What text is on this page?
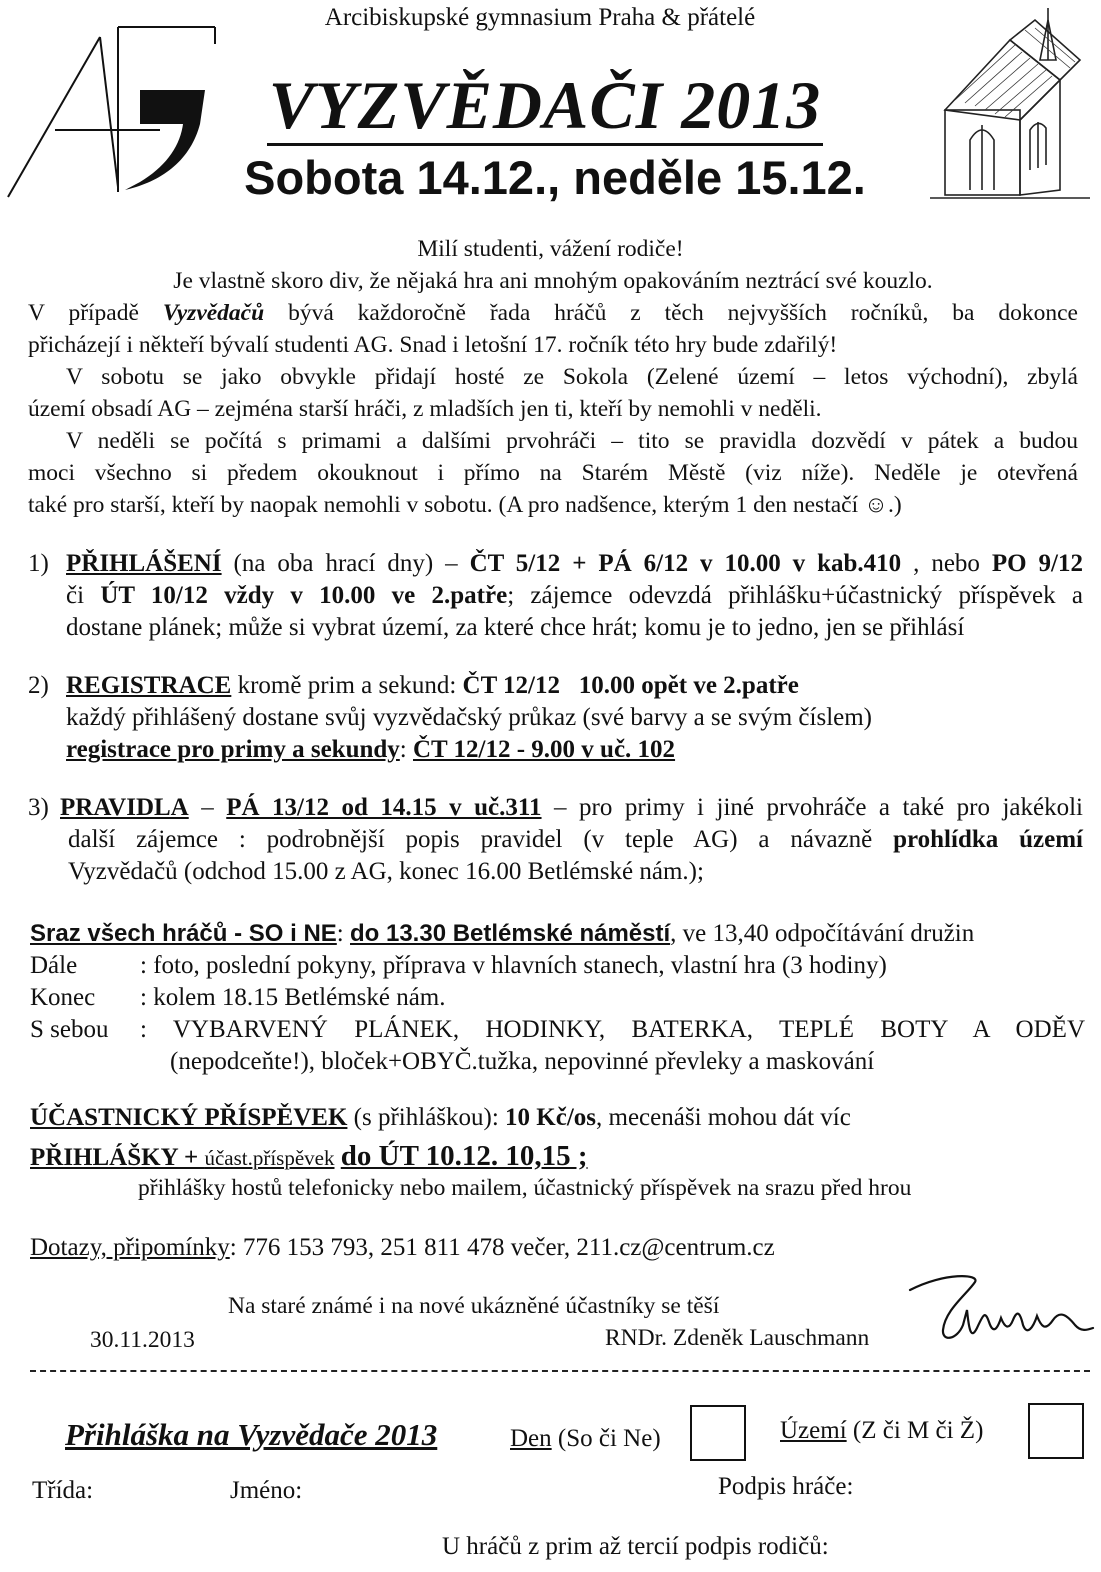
Arcibiskupské gymnasium Praha & přátelé
VYZVĚDAČI 2013
Sobota 14.12., neděle 15.12.
Milí studenti, vážení rodiče!
Je vlastně skoro div, že nějaká hra ani mnohým opakováním neztrácí své kouzlo.
V případě Vyzvědačů bývá každoročně řada hráčů z těch nejvyšších ročníků, ba dokonce
přicházejí i někteří bývalí studenti AG. Snad i letošní 17. ročník této hry bude zdařilý!
V sobotu se jako obvykle přidají hosté ze Sokola (Zelené území – letos východní), zbylá
území obsadí AG – zejména starší hráči, z mladších jen ti, kteří by nemohli v neděli.
V neděli se počítá s primami a dalšími prvohráči – tito se pravidla dozvědí v pátek a budou
moci všechno si předem okouknout i přímo na Starém Městě (viz níže). Neděle je otevřená
také pro starší, kteří by naopak nemohli v sobotu. (A pro nadšence, kterým 1 den nestačí ☺.)
1) PŘIHLÁŠENÍ (na oba hrací dny) – ČT 5/12 + PÁ 6/12 v 10.00 v kab.410 , nebo PO 9/12
či ÚT 10/12 vždy v 10.00 ve 2.patře; zájemce odevzdá přihlášku+účastnický příspěvek a
dostane plánek; může si vybrat území, za které chce hrát; komu je to jedno, jen se přihlásí
2) REGISTRACE kromě prim a sekund: ČT 12/12   10.00 opět ve 2.patře
každý přihlášený dostane svůj vyzvědačský průkaz (své barvy a se svým číslem)
registrace pro primy a sekundy: ČT 12/12 - 9.00 v uč. 102
3) PRAVIDLA – PÁ 13/12 od 14.15 v uč.311 – pro primy i jiné prvohráče a také pro jakékoli
další zájemce : podrobnější popis pravidel (v teple AG) a návazně prohlídka území
Vyzvědačů (odchod 15.00 z AG, konec 16.00 Betlémské nám.);
Sraz všech hráčů - SO i NE: do 13.30 Betlémské náměstí, ve 13,40 odpočítávání družin
Dále	: foto, poslední pokyny, příprava v hlavních stanech, vlastní hra (3 hodiny)
Konec : kolem 18.15 Betlémské nám.
S sebou	: VYBARVENÝ PLÁNEK, HODINKY, BATERKA, TEPLÉ BOTY A ODĚV
(nepodceňte!), bloček+OBYČ.tužka, nepovinné převleky a maskování
ÚČASTNICKÝ PŘÍSPĚVEK (s přihláškou): 10 Kč/os, mecenáši mohou dát víc
PŘIHLÁŠKY + účast.příspěvek do ÚT 10.12. 10,15 ;
přihlášky hostů telefonicky nebo mailem, účastnický příspěvek na srazu před hrou
Dotazy, připomínky: 776 153 793, 251 811 478 večer, 211.cz@centrum.cz
Na staré známé i na nové ukázněné účastníky se těší
30.11.2013	RNDr. Zdeněk Lauschmann
Přihláška na Vyzvědače 2013	Den (So či Ne)	Území (Z či M či Ž)
Třída:	Jméno:	Podpis hráče:
U hráčů z prim až tercií podpis rodičů:
